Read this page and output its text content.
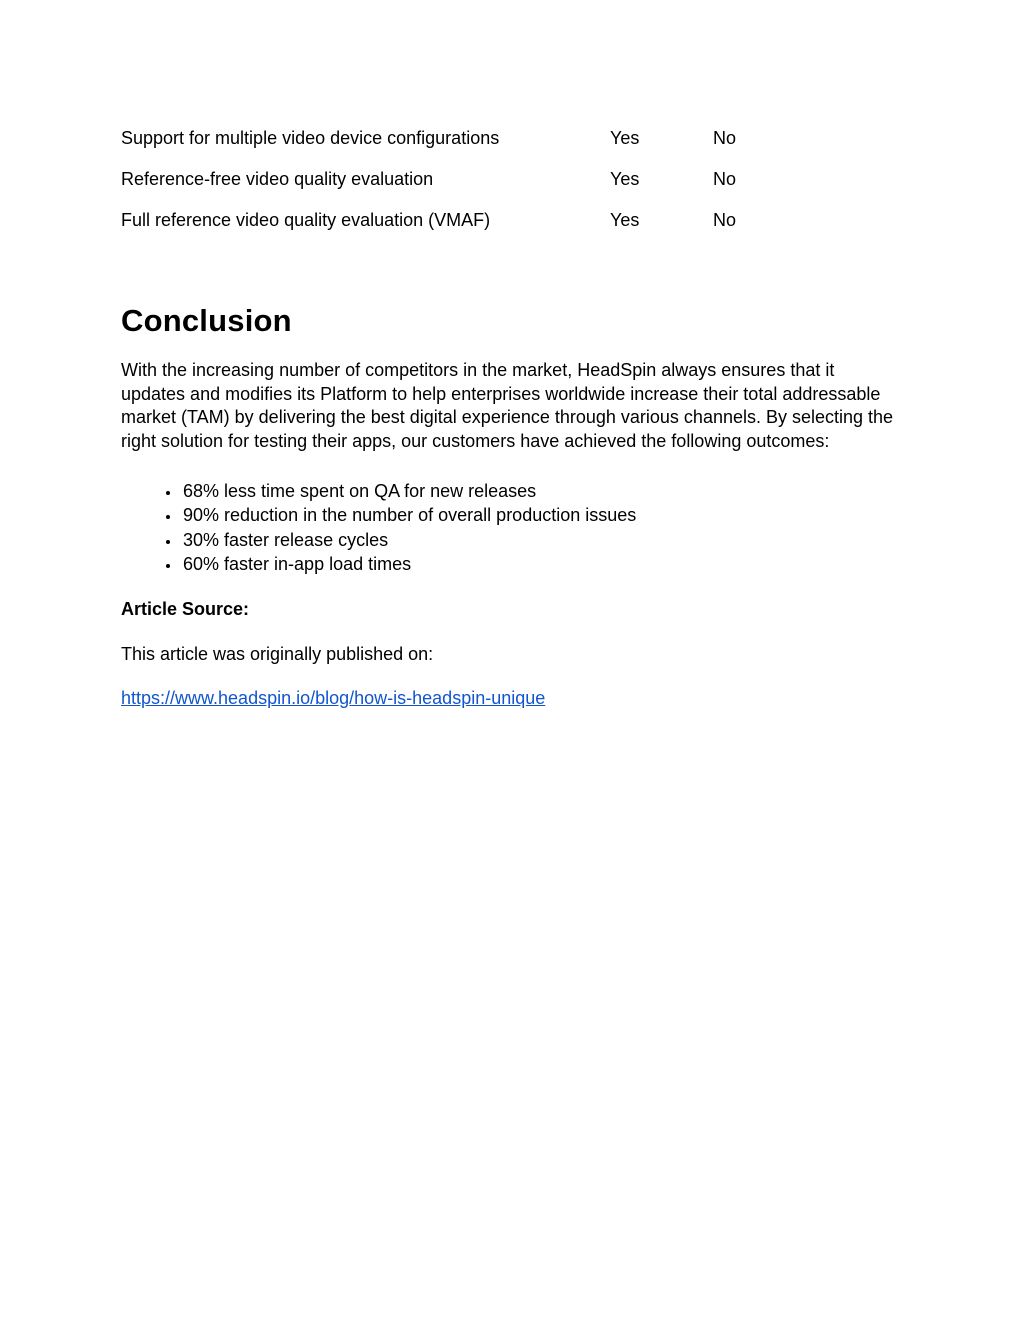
Support for multiple video device configurations	Yes	No
Reference-free video quality evaluation	Yes	No
Full reference video quality evaluation (VMAF)	Yes	No
Conclusion

With the increasing number of competitors in the market, HeadSpin always ensures that it updates and modifies its Platform to help enterprises worldwide increase their total addressable market (TAM) by delivering the best digital experience through various channels. By selecting the right solution for testing their apps, our customers have achieved the following outcomes:

• 68% less time spent on QA for new releases
• 90% reduction in the number of overall production issues
• 30% faster release cycles
• 60% faster in-app load times

Article Source:

This article was originally published on:

https://www.headspin.io/blog/how-is-headspin-unique
